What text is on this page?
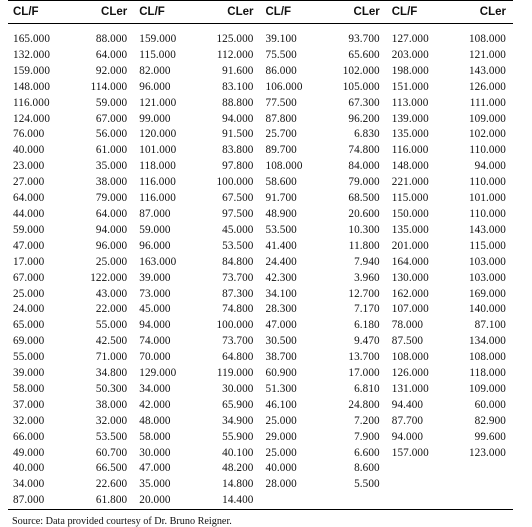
CL/F	CLer	CL/F	CLer	CL/F	CLer	CL/F	CLer
165.000	88.000	159.000	125.000	39.100	93.700	127.000	108.000
132.000	64.000	115.000	112.000	75.500	65.600	203.000	121.000
159.000	92.000	82.000	91.600	86.000	102.000	198.000	143.000
148.000	114.000	96.000	83.100	106.000	105.000	151.000	126.000
116.000	59.000	121.000	88.800	77.500	67.300	113.000	111.000
124.000	67.000	99.000	94.000	87.800	96.200	139.000	109.000
76.000	56.000	120.000	91.500	25.700	6.830	135.000	102.000
40.000	61.000	101.000	83.800	89.700	74.800	116.000	110.000
23.000	35.000	118.000	97.800	108.000	84.000	148.000	94.000
27.000	38.000	116.000	100.000	58.600	79.000	221.000	110.000
64.000	79.000	116.000	67.500	91.700	68.500	115.000	101.000
44.000	64.000	87.000	97.500	48.900	20.600	150.000	110.000
59.000	94.000	59.000	45.000	53.500	10.300	135.000	143.000
47.000	96.000	96.000	53.500	41.400	11.800	201.000	115.000
17.000	25.000	163.000	84.800	24.400	7.940	164.000	103.000
67.000	122.000	39.000	73.700	42.300	3.960	130.000	103.000
25.000	43.000	73.000	87.300	34.100	12.700	162.000	169.000
24.000	22.000	45.000	74.800	28.300	7.170	107.000	140.000
65.000	55.000	94.000	100.000	47.000	6.180	78.000	87.100
69.000	42.500	74.000	73.700	30.500	9.470	87.500	134.000
55.000	71.000	70.000	64.800	38.700	13.700	108.000	108.000
39.000	34.800	129.000	119.000	60.900	17.000	126.000	118.000
58.000	50.300	34.000	30.000	51.300	6.810	131.000	109.000
37.000	38.000	42.000	65.900	46.100	24.800	94.400	60.000
32.000	32.000	48.000	34.900	25.000	7.200	87.700	82.900
66.000	53.500	58.000	55.900	29.000	7.900	94.000	99.600
49.000	60.700	30.000	40.100	25.000	6.600	157.000	123.000
40.000	66.500	47.000	48.200	40.000	8.600		
34.000	22.600	35.000	14.800	28.000	5.500		
87.000	61.800	20.000	14.400				
Source: Data provided courtesy of Dr. Bruno Reigner.
